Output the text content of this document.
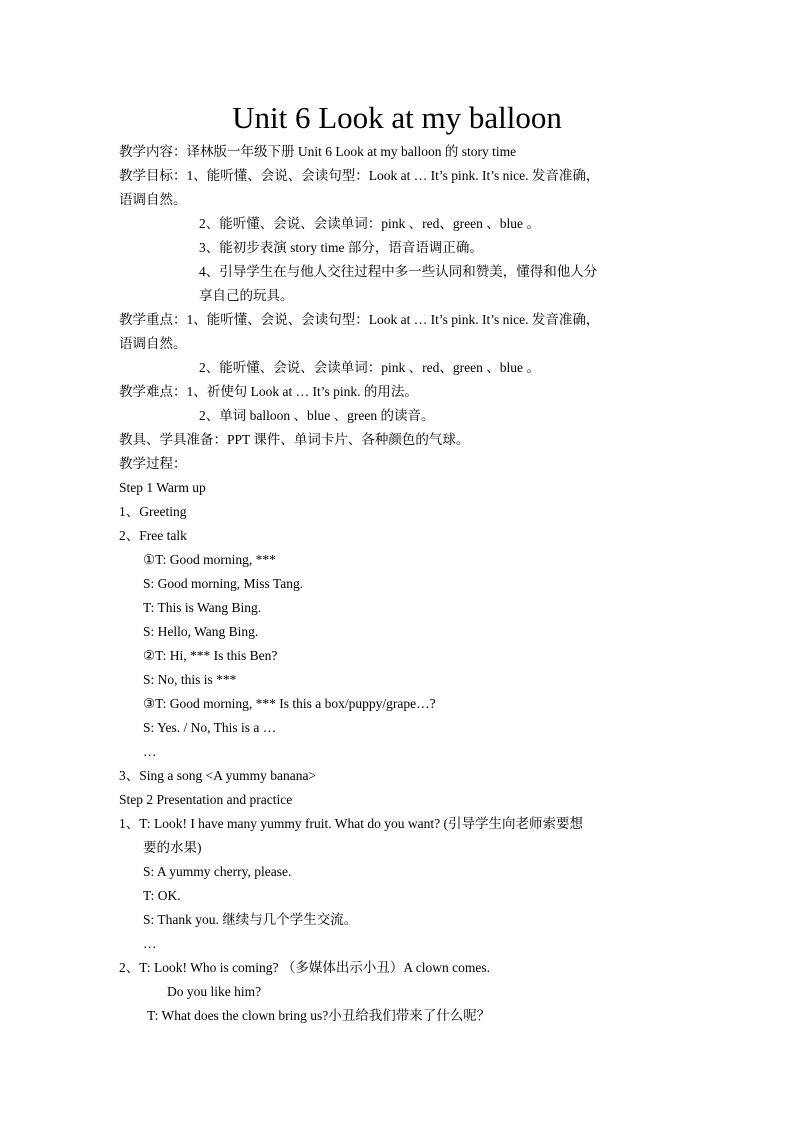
Unit 6 Look at my balloon
教学内容：译林版一年级下册 Unit 6 Look at my balloon 的 story time
教学目标：1、能听懂、会说、会读句型：Look at … It’s pink. It’s nice. 发音准确，
语调自然。
2、能听懂、会说、会读单词：pink 、red、green 、blue 。
3、能初步表演 story time 部分，语音语调正确。
4、引导学生在与他人交往过程中多一些认同和赞美，懂得和他人分
享自己的玩具。
教学重点：1、能听懂、会说、会读句型：Look at … It’s pink. It’s nice. 发音准确，
语调自然。
2、能听懂、会说、会读单词：pink 、red、green 、blue 。
教学难点：1、祈使句 Look at … It’s pink. 的用法。
2、单词 balloon 、blue 、green 的读音。
教具、学具准备：PPT 课件、单词卡片、各种颜色的气球。
教学过程：
Step 1 Warm up
1、Greeting
2、Free talk
①T: Good morning, ***
S: Good morning, Miss Tang.
T: This is Wang Bing.
S: Hello, Wang Bing.
②T: Hi, *** Is this Ben?
S: No, this is ***
③T: Good morning, *** Is this a box/puppy/grape…?
S: Yes. / No, This is a …
…
3、Sing a song <A yummy banana>
Step 2 Presentation and practice
1、T: Look! I have many yummy fruit. What do you want? (引导学生向老师索要想
要的水果)
S: A yummy cherry, please.
T: OK.
S: Thank you. 继续与几个学生交流。
…
2、T: Look! Who is coming? （多媒体出示小丑）A clown comes.
Do you like him?
T: What does the clown bring us?小丑给我们带来了什么呢？
